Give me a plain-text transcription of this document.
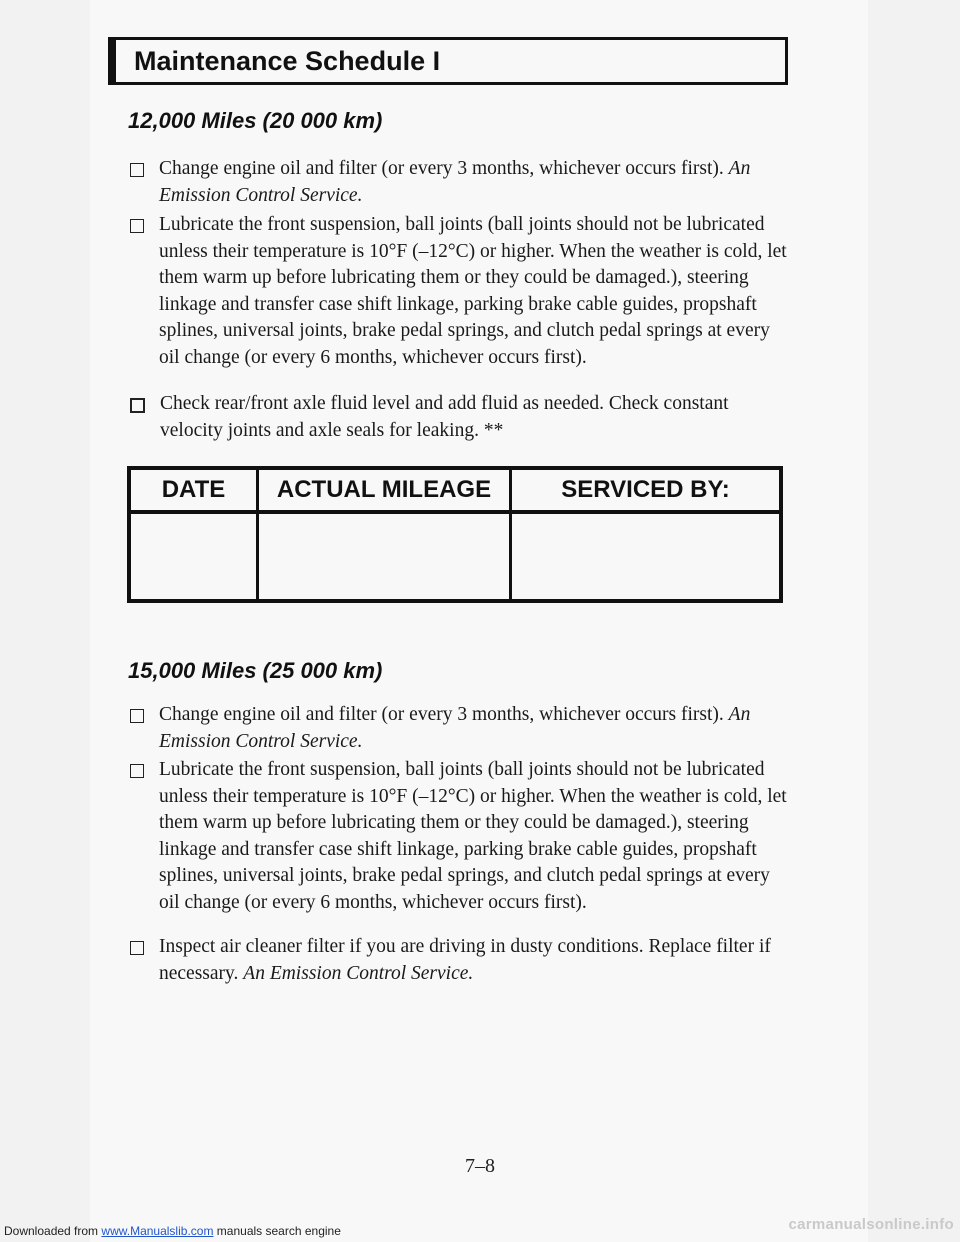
Maintenance Schedule I
12,000 Miles (20 000 km)
Change engine oil and filter (or every 3 months, whichever occurs first). An Emission Control Service.
Lubricate the front suspension, ball joints (ball joints should not be lubricated unless their temperature is 10°F (–12°C) or higher. When the weather is cold, let them warm up before lubricating them or they could be damaged.), steering linkage and transfer case shift linkage, parking brake cable guides, propshaft splines, universal joints, brake pedal springs, and clutch pedal springs at every oil change (or every 6 months, whichever occurs first).
Check rear/front axle fluid level and add fluid as needed. Check constant velocity joints and axle seals for leaking. **
DATE	ACTUAL MILEAGE	SERVICED BY:
15,000 Miles (25 000 km)
Change engine oil and filter (or every 3 months, whichever occurs first). An Emission Control Service.
Lubricate the front suspension, ball joints (ball joints should not be lubricated unless their temperature is 10°F (–12°C) or higher. When the weather is cold, let them warm up before lubricating them or they could be damaged.), steering linkage and transfer case shift linkage, parking brake cable guides, propshaft splines, universal joints, brake pedal springs, and clutch pedal springs at every oil change (or every 6 months, whichever occurs first).
Inspect air cleaner filter if you are driving in dusty conditions. Replace filter if necessary. An Emission Control Service.
7–8
Downloaded from www.Manualslib.com manuals search engine	carmanualsonline.info
